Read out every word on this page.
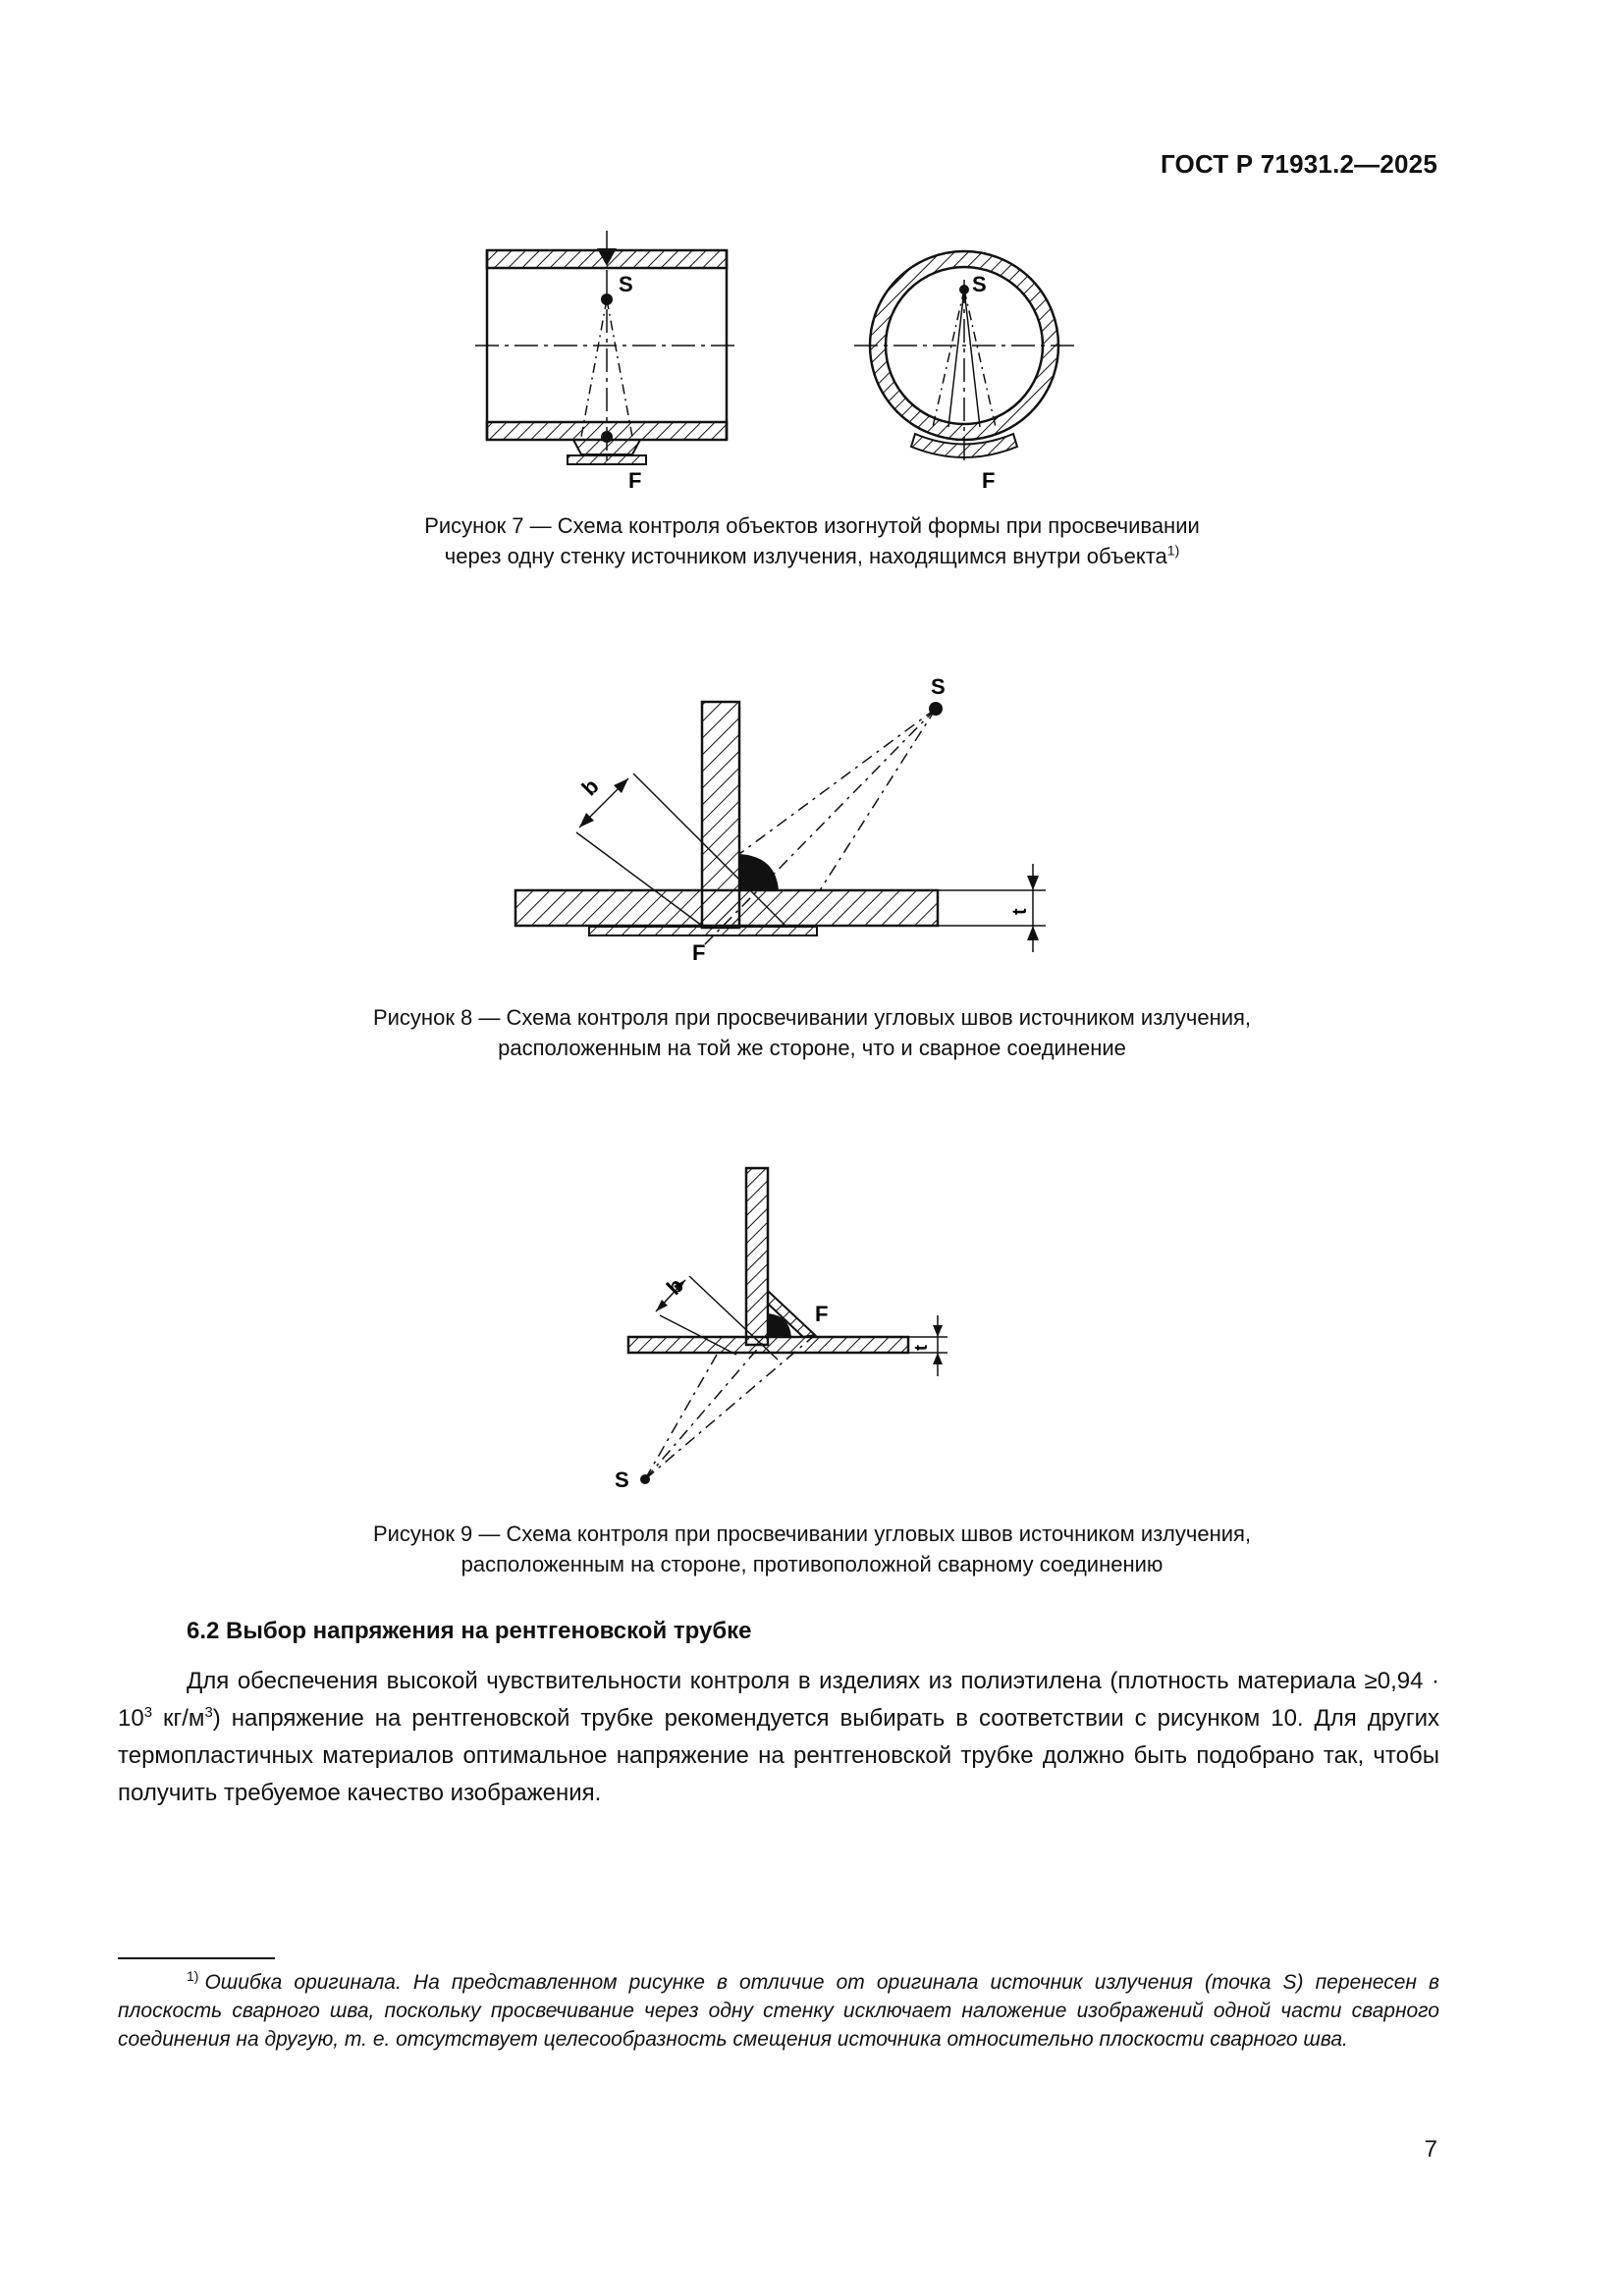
ГОСТ Р 71931.2—2025
S
F
S
F
Рисунок 7 — Схема контроля объектов изогнутой формы при просвечивании
через одну стенку источником излучения, находящимся внутри объекта$^{1)}$
S
F
b
t
Рисунок 8 — Схема контроля при просвечивании угловых швов источником излучения,
расположенным на той же стороне, что и сварное соединение
S
F
b
t
Рисунок 9 — Схема контроля при просвечивании угловых швов источником излучения,
расположенным на стороне, противоположной сварному соединению
6.2 Выбор напряжения на рентгеновской трубке
Для обеспечения высокой чувствительности контроля в изделиях из полиэтилена (плотность материала $\ge 0,94 \cdot 10^3$ $кг/м^3$) напряжение на рентгеновской трубке рекомендуется выбирать в соответствии с рисунком 10. Для других термопластичных материалов оптимальное напряжение на рентгеновской трубке должно быть подобрано так, чтобы получить требуемое качество изображения.
1) Ошибка оригинала. На представленном рисунке в отличие от оригинала источник излучения (точка S) перенесен в плоскость сварного шва, поскольку просвечивание через одну стенку исключает наложение изображений одной части сварного соединения на другую, т. е. отсутствует целесообразность смещения источника относительно плоскости сварного шва.
7
